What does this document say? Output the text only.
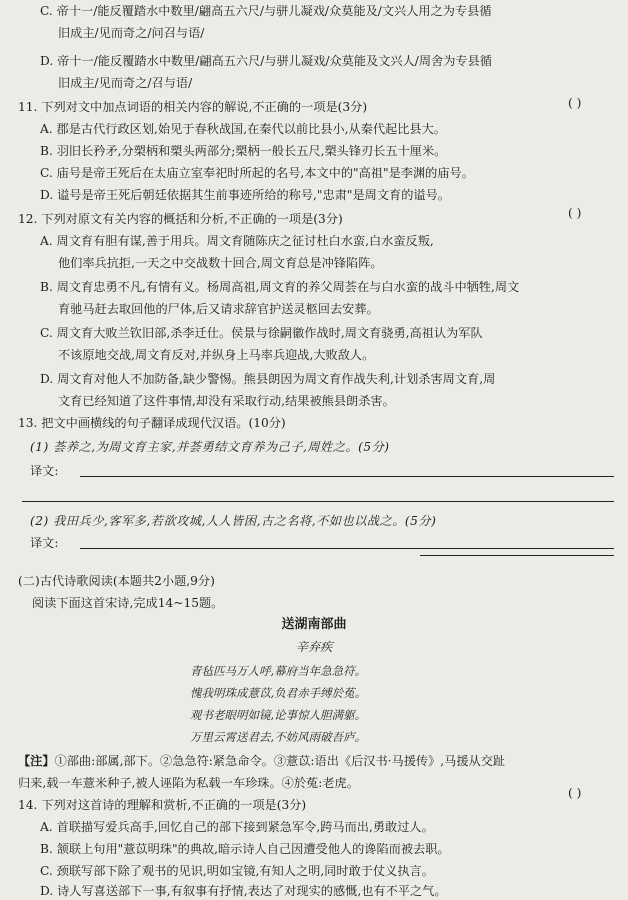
C. 帝十一/能反覆踏水中数里/翩高五六尺/与骈儿凝戏/众莫能及/文兴人用之为专县循
旧成主/见而奇之/问召与语/
D. 帝十一/能反覆踏水中数里/翩高五六尺/与骈儿凝戏/众莫能及文兴人/周舍为专县循
旧成主/见而奇之/召与语/
11. 下列对文中加点词语的相关内容的解说,不正确的一项是(3分)	( )
A. 郡是古代行政区划,始见于春秋战国,在秦代以前比县小,从秦代起比县大。
B. 羽旧长矜矛,分槊柄和槊头两部分;槊柄一般长五尺,槊头锋刃长五十厘米。
C. 庙号是帝王死后在太庙立室奉祀时所起的名号,本文中的"高祖"是李渊的庙号。
D. 谥号是帝王死后朝廷依据其生前事迹所给的称号,"忠肃"是周文育的谥号。
12. 下列对原文有关内容的概括和分析,不正确的一项是(3分)	( )
A. 周文育有胆有谋,善于用兵。周文育随陈庆之征讨杜白水蛮,白水蛮反叛,
他们率兵抗拒,一天之中交战数十回合,周文育总是冲锋陷阵。
B. 周文育忠勇不凡,有情有义。杨周高祖,周文育的养父周荟在与白水蛮的战斗中牺牲,周文
育驰马赶去取回他的尸体,后又请求辞官护送灵柩回去安葬。
C. 周文育大败兰钦旧部,杀李迁仕。侯景与徐嗣徽作战时,周文育骁勇,高祖认为军队
不该原地交战,周文育反对,并纵身上马率兵迎战,大败敌人。
D. 周文育对他人不加防备,缺少警惕。熊县朗因为周文育作战失利,计划杀害周文育,周
文育已经知道了这件事情,却没有采取行动,结果被熊县朗杀害。
13. 把文中画横线的句子翻译成现代汉语。(10分)
(1) 荟养之,为周文育主家,并荟勇结文育养为己子,周姓之。(5分)
译文:
(2) 我田兵少,客军多,若欲攻城,人人皆困,古之名将,不如也以战之。(5分)
译文:
(二)古代诗歌阅读(本题共2小题,9分)
阅读下面这首宋诗,完成14~15题。
送湖南部曲
辛弃疾
青毡匹马万人呼,幕府当年急急符。
愧我明珠成薏苡,负君赤手缚於菟。
观书老眼明如镜,论事惊人胆满躯。
万里云霄送君去,不妨风雨破吾庐。
【注】①部曲:部属,部下。②急急符:紧急命令。③薏苡:语出《后汉书·马援传》,马援从交趾
归来,载一车薏米种子,被人诬陷为私载一车珍珠。④於菟:老虎。
14. 下列对这首诗的理解和赏析,不正确的一项是(3分)
( )
A. 首联描写爱兵高手,回忆自己的部下接到紧急军令,跨马而出,勇敢过人。
B. 颔联上句用"薏苡明珠"的典故,暗示诗人自己因遭受他人的谗陷而被去职。
C. 颈联写部下除了观书的见识,明如宝镜,有知人之明,同时敢于仗义执言。
D. 诗人写喜送部下一事,有叙事有抒情,表达了对现实的感慨,也有不平之气。
